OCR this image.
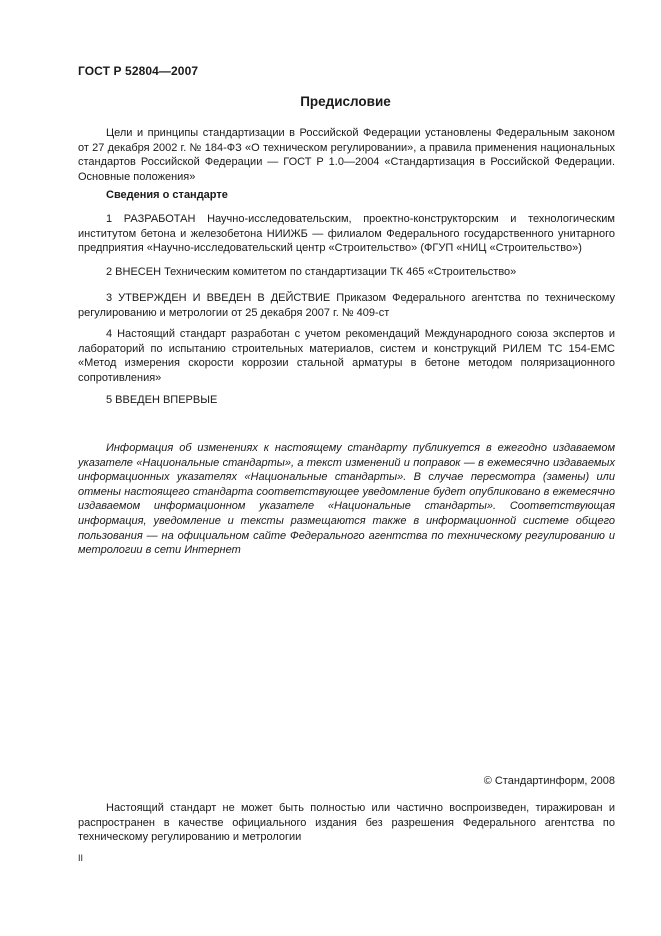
ГОСТ Р 52804—2007
Предисловие

Цели и принципы стандартизации в Российской Федерации установлены Федеральным законом от 27 декабря 2002 г. № 184-ФЗ «О техническом регулировании», а правила применения национальных стандартов Российской Федерации — ГОСТ Р 1.0—2004 «Стандартизация в Российской Федерации. Основные положения»

Сведения о стандарте

1 РАЗРАБОТАН Научно-исследовательским, проектно-конструкторским и технологическим институтом бетона и железобетона НИИЖБ — филиалом Федерального государственного унитарного предприятия «Научно-исследовательский центр «Строительство» (ФГУП «НИЦ «Строительство»)

2 ВНЕСЕН Техническим комитетом по стандартизации ТК 465 «Строительство»

3 УТВЕРЖДЕН И ВВЕДЕН В ДЕЙСТВИЕ Приказом Федерального агентства по техническому регулированию и метрологии от 25 декабря 2007 г. № 409-ст

4 Настоящий стандарт разработан с учетом рекомендаций Международного союза экспертов и лабораторий по испытанию строительных материалов, систем и конструкций РИЛЕМ ТС 154-ЕМС «Метод измерения скорости коррозии стальной арматуры в бетоне методом поляризационного сопротивления»

5 ВВЕДЕН ВПЕРВЫЕ

Информация об изменениях к настоящему стандарту публикуется в ежегодно издаваемом указателе «Национальные стандарты», а текст изменений и поправок — в ежемесячно издаваемых информационных указателях «Национальные стандарты». В случае пересмотра (замены) или отмены настоящего стандарта соответствующее уведомление будет опубликовано в ежемесячно издаваемом информационном указателе «Национальные стандарты». Соответствующая информация, уведомление и тексты размещаются также в информационной системе общего пользования — на официальном сайте Федерального агентства по техническому регулированию и метрологии в сети Интернет

© Стандартинформ, 2008

Настоящий стандарт не может быть полностью или частично воспроизведен, тиражирован и распространен в качестве официального издания без разрешения Федерального агентства по техническому регулированию и метрологии

II
